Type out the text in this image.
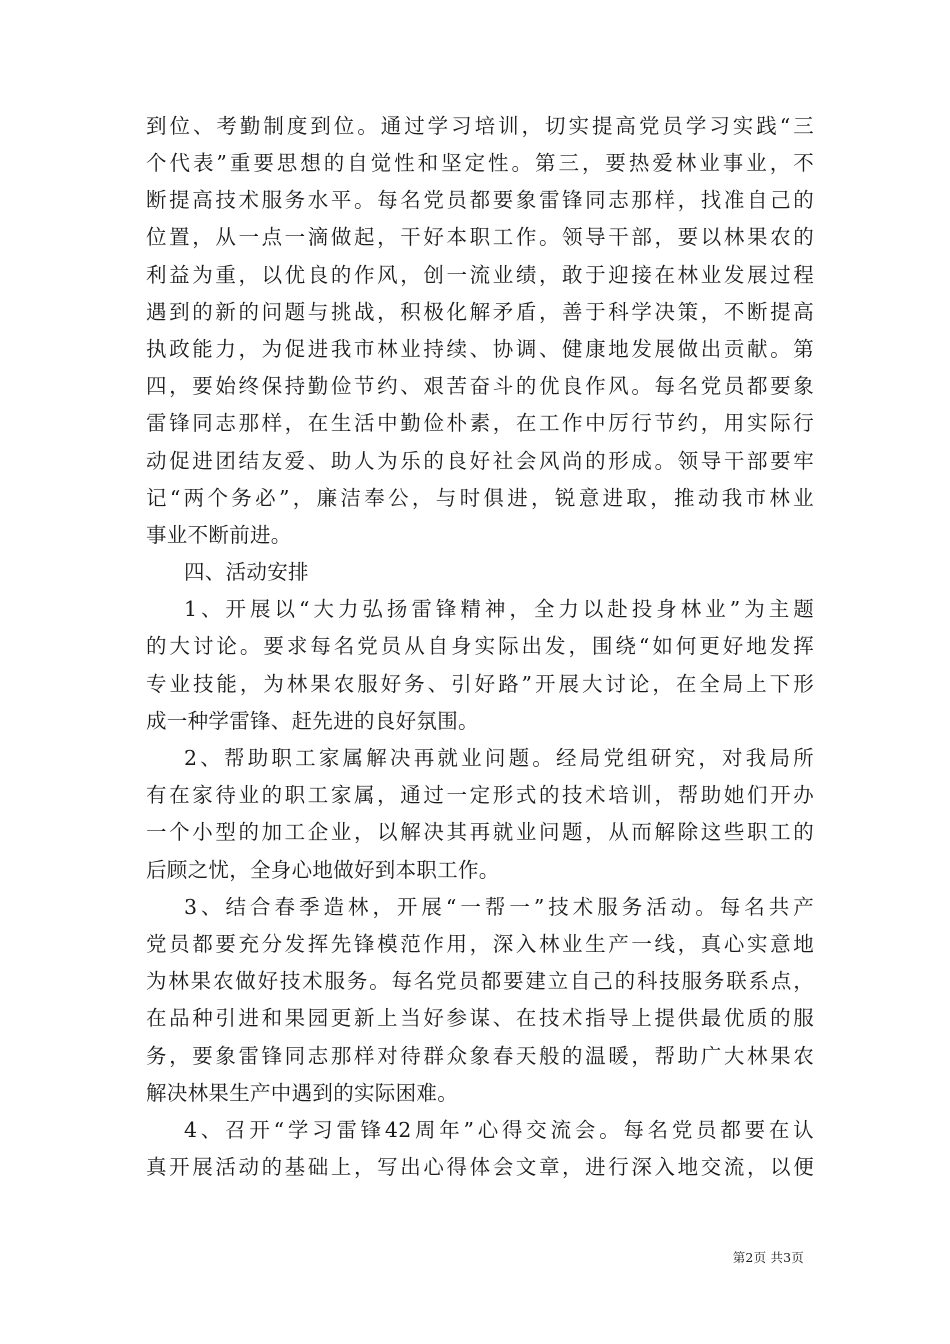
到位、考勤制度到位。通过学习培训，切实提高党员学习实践“三
个代表”重要思想的自觉性和坚定性。第三，要热爱林业事业，不
断提高技术服务水平。每名党员都要象雷锋同志那样，找准自己的
位置，从一点一滴做起，干好本职工作。领导干部，要以林果农的
利益为重，以优良的作风，创一流业绩，敢于迎接在林业发展过程
遇到的新的问题与挑战，积极化解矛盾，善于科学决策，不断提高
执政能力，为促进我市林业持续、协调、健康地发展做出贡献。第
四，要始终保持勤俭节约、艰苦奋斗的优良作风。每名党员都要象
雷锋同志那样，在生活中勤俭朴素，在工作中厉行节约，用实际行
动促进团结友爱、助人为乐的良好社会风尚的形成。领导干部要牢
记“两个务必”，廉洁奉公，与时俱进，锐意进取，推动我市林业
事业不断前进。
四、活动安排
1、开展以“大力弘扬雷锋精神，全力以赴投身林业”为主题
的大讨论。要求每名党员从自身实际出发，围绕“如何更好地发挥
专业技能，为林果农服好务、引好路”开展大讨论，在全局上下形
成一种学雷锋、赶先进的良好氛围。
2、帮助职工家属解决再就业问题。经局党组研究，对我局所
有在家待业的职工家属，通过一定形式的技术培训，帮助她们开办
一个小型的加工企业，以解决其再就业问题，从而解除这些职工的
后顾之忧，全身心地做好到本职工作。
3、结合春季造林，开展“一帮一”技术服务活动。每名共产
党员都要充分发挥先锋模范作用，深入林业生产一线，真心实意地
为林果农做好技术服务。每名党员都要建立自己的科技服务联系点，
在品种引进和果园更新上当好参谋、在技术指导上提供最优质的服
务，要象雷锋同志那样对待群众象春天般的温暖，帮助广大林果农
解决林果生产中遇到的实际困难。
4、召开“学习雷锋42周年”心得交流会。每名党员都要在认
真开展活动的基础上，写出心得体会文章，进行深入地交流，以便
第2页 共3页
